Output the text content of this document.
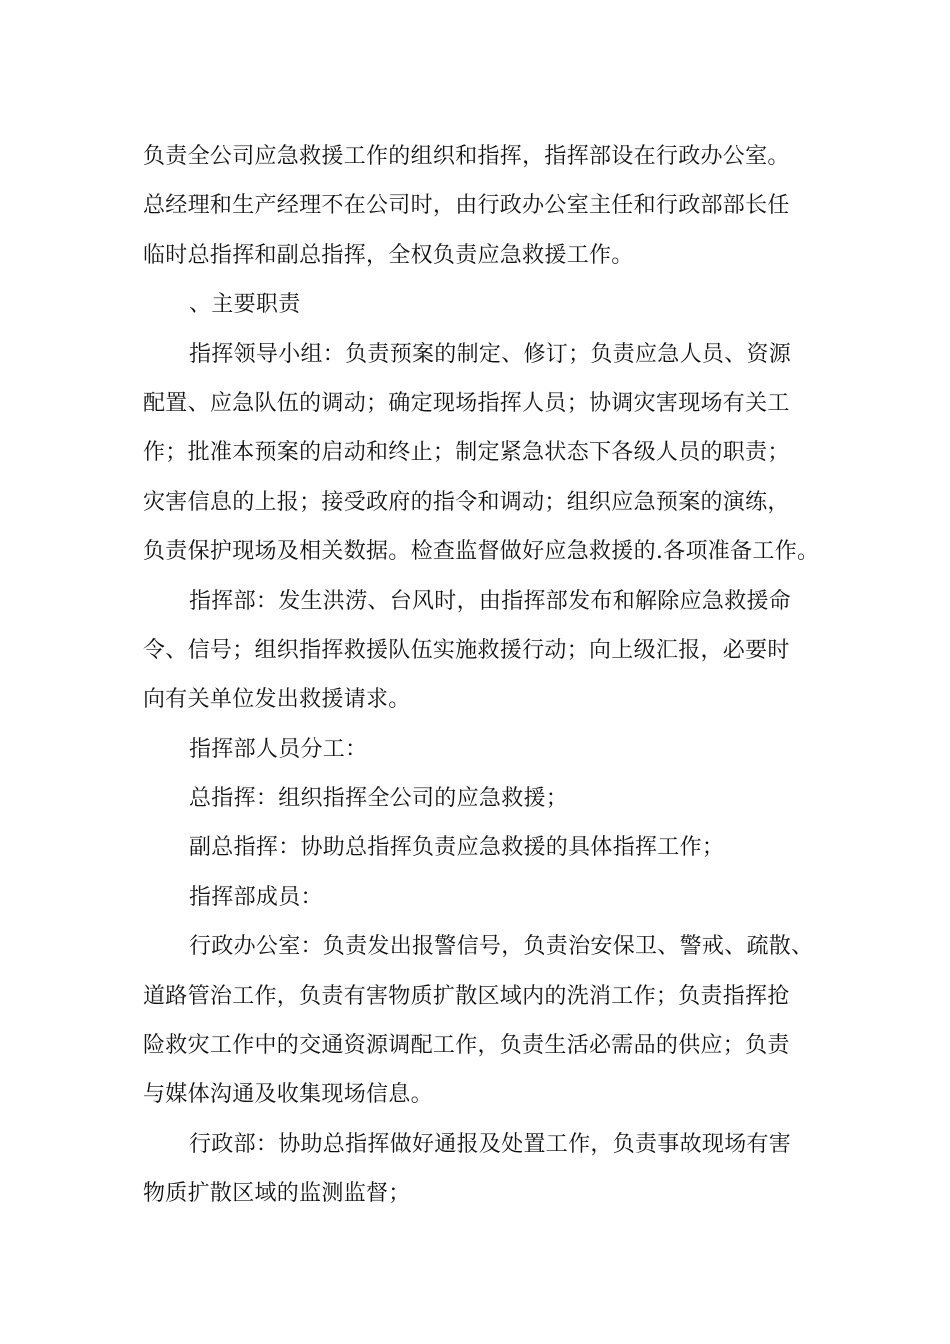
负责全公司应急救援工作的组织和指挥，指挥部设在行政办公室。
总经理和生产经理不在公司时，由行政办公室主任和行政部部长任
临时总指挥和副总指挥，全权负责应急救援工作。
、主要职责
指挥领导小组：负责预案的制定、修订；负责应急人员、资源
配置、应急队伍的调动；确定现场指挥人员；协调灾害现场有关工
作；批准本预案的启动和终止；制定紧急状态下各级人员的职责；
灾害信息的上报；接受政府的指令和调动；组织应急预案的演练，
负责保护现场及相关数据。检查监督做好应急救援的.各项准备工作。
指挥部：发生洪涝、台风时，由指挥部发布和解除应急救援命
令、信号；组织指挥救援队伍实施救援行动；向上级汇报，必要时
向有关单位发出救援请求。
指挥部人员分工：
总指挥：组织指挥全公司的应急救援；
副总指挥：协助总指挥负责应急救援的具体指挥工作；
指挥部成员：
行政办公室：负责发出报警信号，负责治安保卫、警戒、疏散、
道路管治工作，负责有害物质扩散区域内的洗消工作；负责指挥抢
险救灾工作中的交通资源调配工作，负责生活必需品的供应；负责
与媒体沟通及收集现场信息。
行政部：协助总指挥做好通报及处置工作，负责事故现场有害
物质扩散区域的监测监督；
